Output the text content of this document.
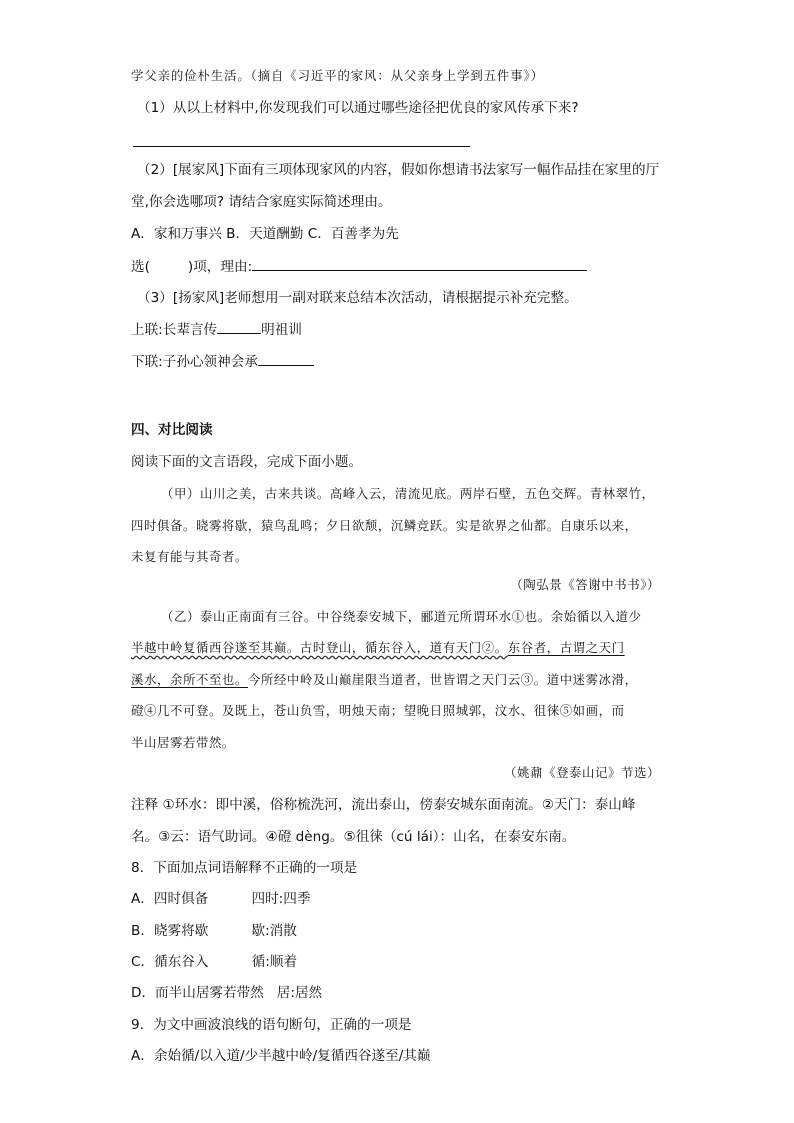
学父亲的俭朴生活。（摘自《习近平的家风：从父亲身上学到五件事》）
（1）从以上材料中,你发现我们可以通过哪些途径把优良的家风传承下来?
（2）[展家风]下面有三项体现家风的内容，假如你想请书法家写一幅作品挂在家里的厅
堂,你会选哪项? 请结合家庭实际简述理由。
A．家和万事兴 B．天道酬勤 C．百善孝为先
选(	)项，理由:
（3）[扬家风]老师想用一副对联来总结本次活动，请根据提示补充完整。
上联:长辈言传	明祖训
下联:子孙心领神会承
四、对比阅读
阅读下面的文言语段，完成下面小题。
（甲）山川之美，古来共谈。高峰入云，清流见底。两岸石壁，五色交辉。青林翠竹，
四时俱备。晓雾将歇，猿鸟乱鸣；夕日欲颓，沉鳞竞跃。实是欲界之仙都。自康乐以来，
未复有能与其奇者。
（陶弘景《答谢中书书》）
（乙）泰山正南面有三谷。中谷绕泰安城下，郦道元所谓环水①也。余始循以入道少
半越中岭复循西谷遂至其巅。古时登山，循东谷入，道有天门②。 东谷者，古谓之天门
溪水，余所不至也。今所经中岭及山巅崖限当道者，世皆谓之天门云③。道中迷雾冰滑，
磴④几不可登。及既上，苍山负雪，明烛天南；望晚日照城郭，汶水、徂徕⑤如画，而
半山居雾若带然。
（姚鼐《登泰山记》节选）
注释 ①环水：即中溪，俗称梳洗河，流出泰山，傍泰安城东面南流。②天门：泰山峰
名。③云：语气助词。④磴 dèng。⑤徂徕（cú lái）：山名，在泰安东南。
8．下面加点词语解释不正确的一项是
A．四时俱备          四时:四季
B．晓雾将歇          歇:消散
C．循东谷入          循:顺着
D．而半山居雾若带然   居:居然
9．为文中画波浪线的语句断句，正确的一项是
A．余始循/以入道/少半越中岭/复循西谷遂至/其巅
